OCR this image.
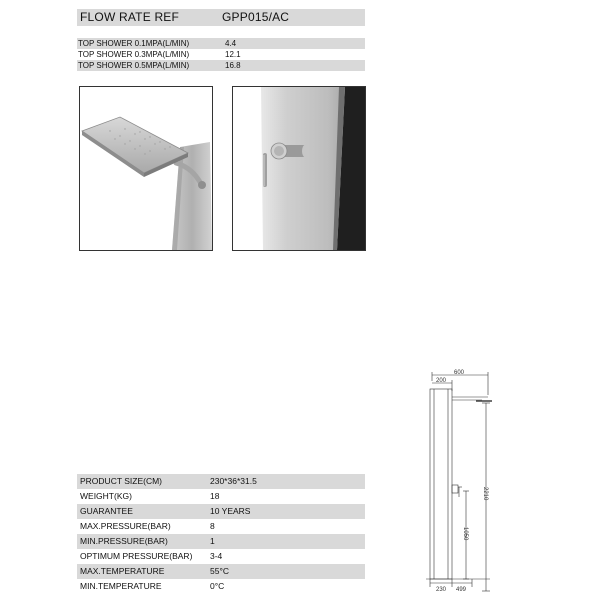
FLOW RATE REF	GPP015/AC
TOP SHOWER 0.1MPA(L/MIN)	4.4
TOP SHOWER 0.3MPA(L/MIN)	12.1
TOP SHOWER 0.5MPA(L/MIN)	16.8
PRODUCT SIZE(CM)	230*36*31.5
WEIGHT(KG)	18
GUARANTEE	10 YEARS
MAX.PRESSURE(BAR)	8
MIN.PRESSURE(BAR)	1
OPTIMUM PRESSURE(BAR) 3-4
MAX.TEMPERATURE	55°C
MIN.TEMPERATURE	0°C
600
200
2210
1050
230 499
